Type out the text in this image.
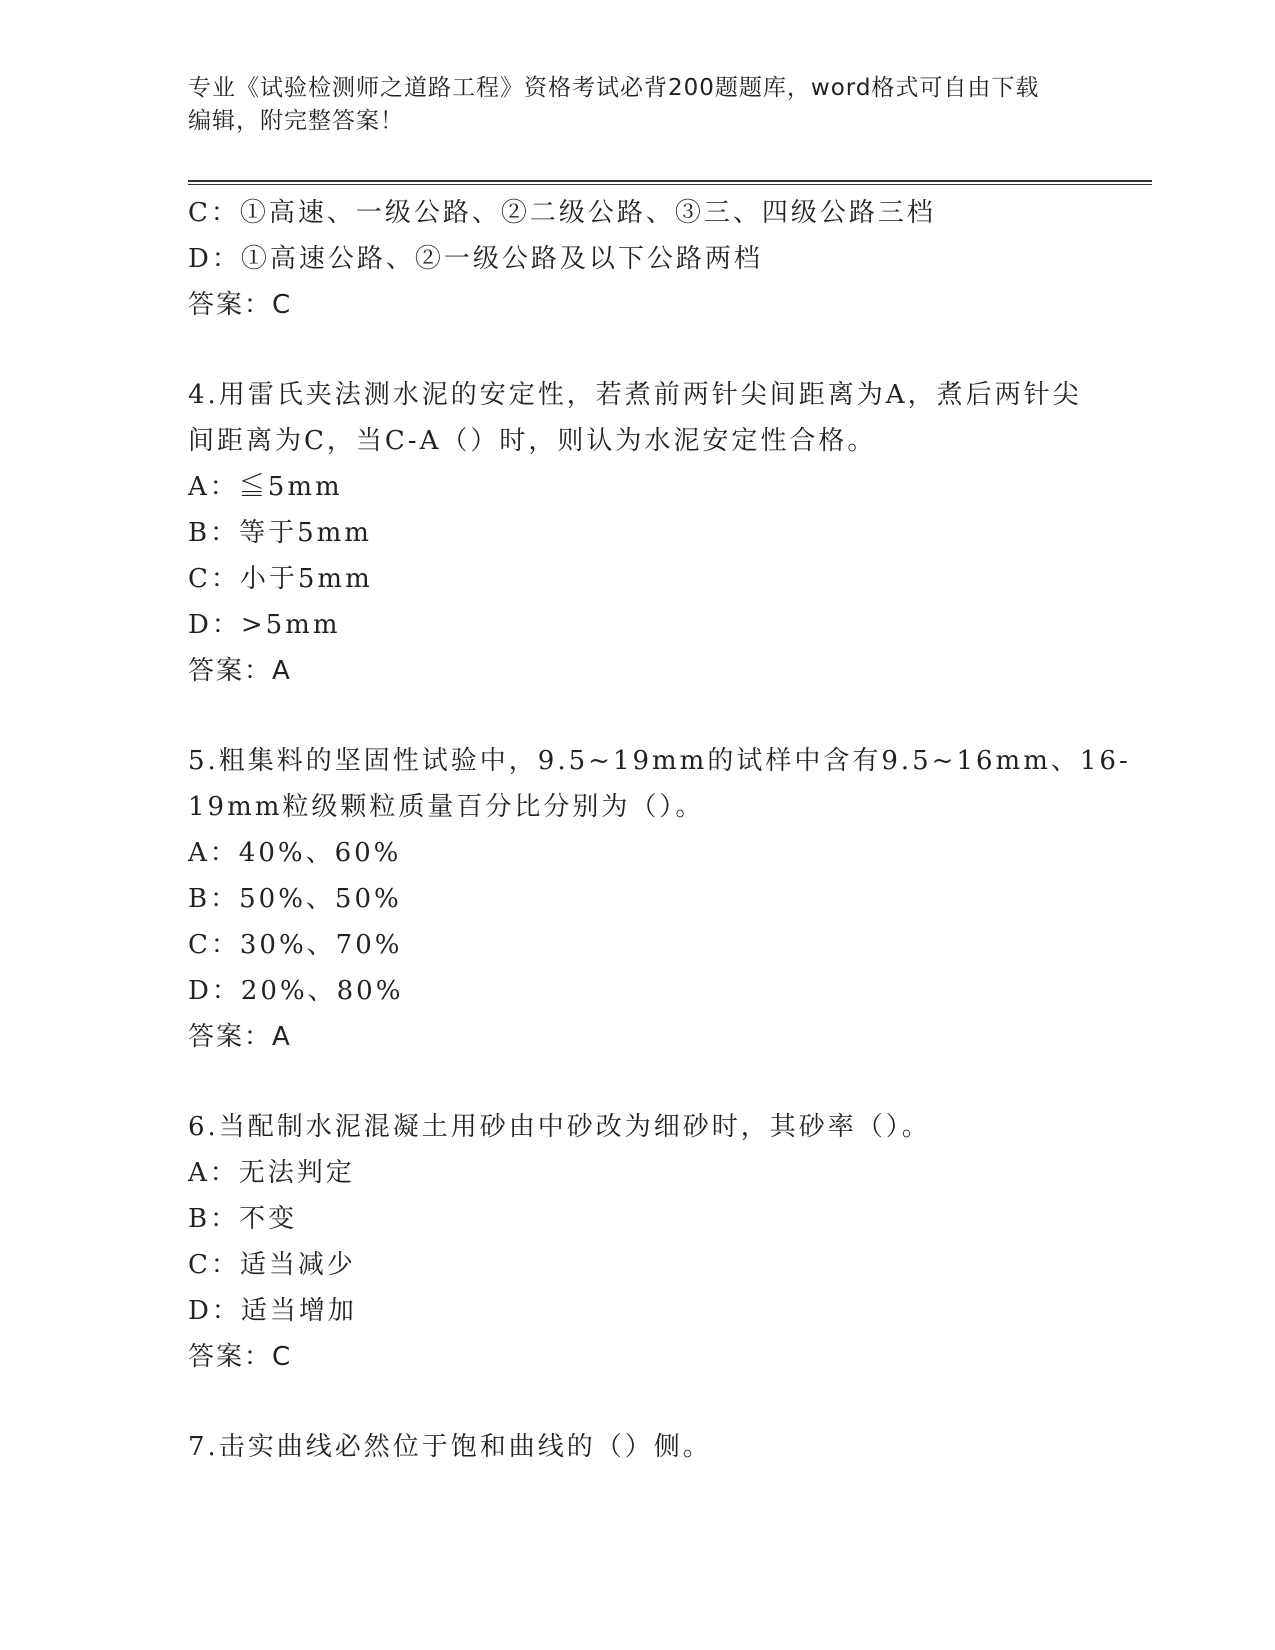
专业《试验检测师之道路工程》资格考试必背200题题库，word格式可自由下载
编辑，附完整答案！
C：①高速、一级公路、②二级公路、③三、四级公路三档
D：①高速公路、②一级公路及以下公路两档
答案：C
4.用雷氏夹法测水泥的安定性，若煮前两针尖间距离为A，煮后两针尖
间距离为C，当C-A（）时，则认为水泥安定性合格。
A：≦5mm
B：等于5mm
C：小于5mm
D：>5mm
答案：A
5.粗集料的坚固性试验中，9.5~19mm的试样中含有9.5~16mm、16-
19mm粒级颗粒质量百分比分别为（）。
A：40%、60%
B：50%、50%
C：30%、70%
D：20%、80%
答案：A
6.当配制水泥混凝土用砂由中砂改为细砂时，其砂率（）。
A：无法判定
B：不变
C：适当减少
D：适当增加
答案：C
7.击实曲线必然位于饱和曲线的（）侧。
